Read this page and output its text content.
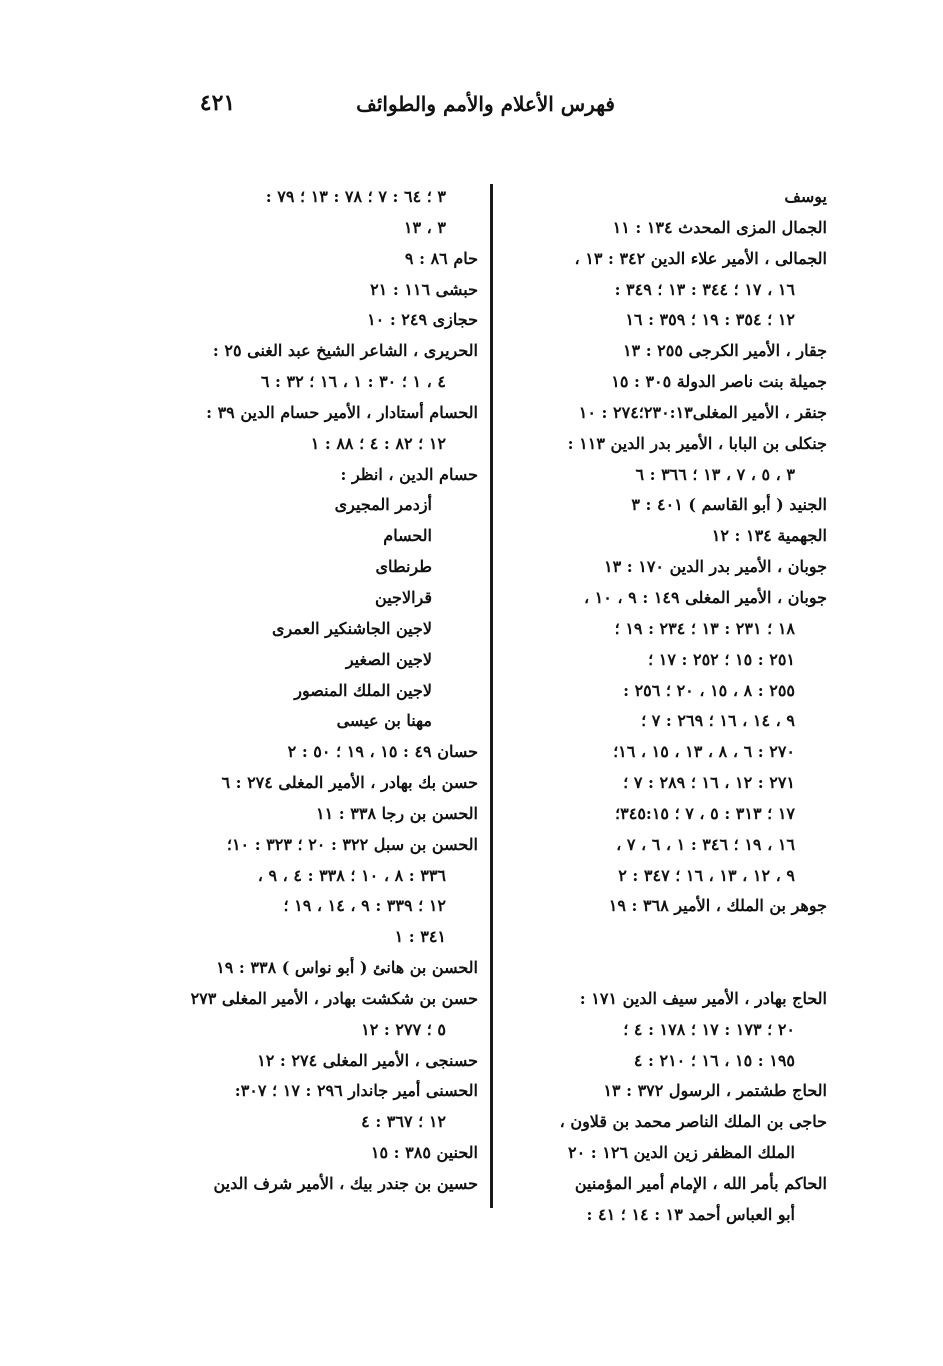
فهرس الأعلام والأمم والطوائف
٤٢١
يوسف
الجمال المزى المحدث ١٣٤ : ١١
الجمالى ، الأمير علاء الدين ٣٤٢ : ١٣ ،
١٦ ، ١٧ ؛ ٣٤٤ : ١٣ ؛ ٣٤٩ :
١٢ ؛ ٣٥٤ : ١٩ ؛ ٣٥٩ : ١٦
جقار ، الأمير الكرجى ٢٥٥ : ١٣
جميلة بنت ناصر الدولة ٣٠٥ : ١٥
جنقر ، الأمير المغلى٢٣٠:١٣؛٢٧٤ : ١٠
جنكلى بن البابا ، الأمير بدر الدين ١١٣ :
٣ ، ٥ ، ٧ ، ١٣ ؛ ٣٦٦ : ٦
الجنيد ( أبو القاسم ) ٤٠١ : ٣
الجهمية ١٣٤ : ١٢
جوبان ، الأمير بدر الدين ١٧٠ : ١٣
جوبان ، الأمير المغلى ١٤٩ : ٩ ، ١٠ ،
١٨ ؛ ٢٣١ : ١٣ ؛ ٢٣٤ : ١٩ ؛
٢٥١ : ١٥ ؛ ٢٥٢ : ١٧ ؛
٢٥٥ : ٨ ، ١٥ ، ٢٠ ؛ ٢٥٦ :
٩ ، ١٤ ، ١٦ ؛ ٢٦٩ : ٧ ؛
٢٧٠ : ٦ ، ٨ ، ١٣ ، ١٥ ، ١٦؛
٢٧١ : ١٢ ، ١٦ ؛ ٢٨٩ : ٧ ؛
١٧ ؛ ٣١٣ : ٥ ، ٧ ؛ ٣٤٥:١٥؛
١٦ ، ١٩ ؛ ٣٤٦ : ١ ، ٦ ، ٧ ،
٩ ، ١٢ ، ١٣ ، ١٦ ؛ ٣٤٧ : ٢
جوهر بن الملك ، الأمير ٣٦٨ : ١٩
الحاج بهادر ، الأمير سيف الدين ١٧١ :
٢٠ ؛ ١٧٣ : ١٧ ؛ ١٧٨ : ٤ ؛
١٩٥ : ١٥ ، ١٦ ؛ ٢١٠ : ٤
الحاج طشتمر ، الرسول ٣٧٢ : ١٣
حاجى بن الملك الناصر محمد بن قلاون ،
الملك المظفر زين الدين ١٢٦ : ٢٠
الحاكم بأمر الله ، الإمام أمير المؤمنين
أبو العباس أحمد ١٣ : ١٤ ؛ ٤١ :
٣ ؛ ٦٤ : ٧ ؛ ٧٨ : ١٣ ؛ ٧٩ :
٣ ، ١٣
حام ٨٦ : ٩
حبشى ١١٦ : ٢١
حجازى ٢٤٩ : ١٠
الحريرى ، الشاعر الشيخ عبد الغنى ٢٥ :
٤ ، ١ ؛ ٣٠ : ١ ، ١٦ ؛ ٣٢ : ٦
الحسام أستادار ، الأمير حسام الدين ٣٩ :
١٢ ؛ ٨٢ : ٤ ؛ ٨٨ : ١
حسام الدين ، انظر :
أزدمر المجيرى
الحسام
طرنطاى
قرالاجين
لاجين الجاشنكير العمرى
لاجين الصغير
لاجين الملك المنصور
مهنا بن عيسى
حسان ٤٩ : ١٥ ، ١٩ ؛ ٥٠ : ٢
حسن بك بهادر ، الأمير المغلى ٢٧٤ : ٦
الحسن بن رجا ٣٣٨ : ١١
الحسن بن سبل ٣٢٢ : ٢٠ ؛ ٣٢٣ : ١٠؛
٣٣٦ : ٨ ، ١٠ ؛ ٣٣٨ : ٤ ، ٩ ،
١٢ ؛ ٣٣٩ : ٩ ، ١٤ ، ١٩ ؛
٣٤١ : ١
الحسن بن هانئ ( أبو نواس ) ٣٣٨ : ١٩
حسن بن شكشت بهادر ، الأمير المغلى ٢٧٣
٥ ؛ ٢٧٧ : ١٢
حسنجى ، الأمير المغلى ٢٧٤ : ١٢
الحسنى أمير جاندار ٢٩٦ : ١٧ ؛ ٣٠٧:
١٢ ؛ ٣٦٧ : ٤
الحنين ٣٨٥ : ١٥
حسين بن جندر بيك ، الأمير شرف الدين
